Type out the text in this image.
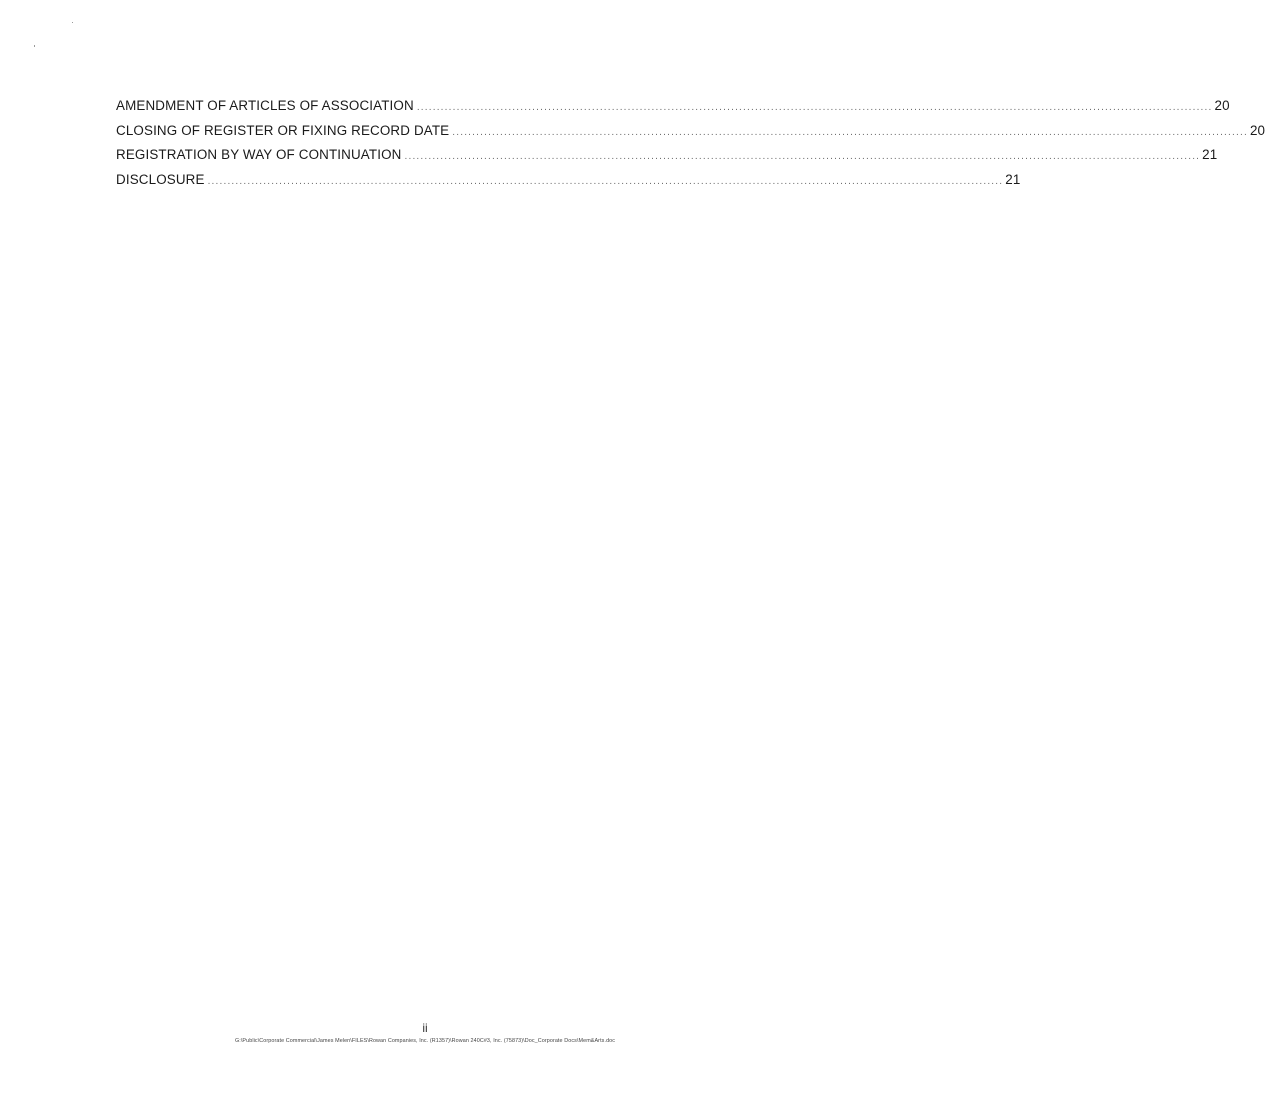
AMENDMENT OF ARTICLES OF ASSOCIATION ........................................................................................................................................................................................................ 20
CLOSING OF REGISTER OR FIXING RECORD DATE ........................................................................................................................................................................................................ 20
REGISTRATION BY WAY OF CONTINUATION ........................................................................................................................................................................................................ 21
DISCLOSURE ........................................................................................................................................................................................................ 21
ii
G:\Public\Corporate Commercial\James Melen\FILES\Rowan Companies, Inc. (R1357)\Rowan 240C#3, Inc. (75873)\Doc_Corporate Docs\Mem&Arts.doc
